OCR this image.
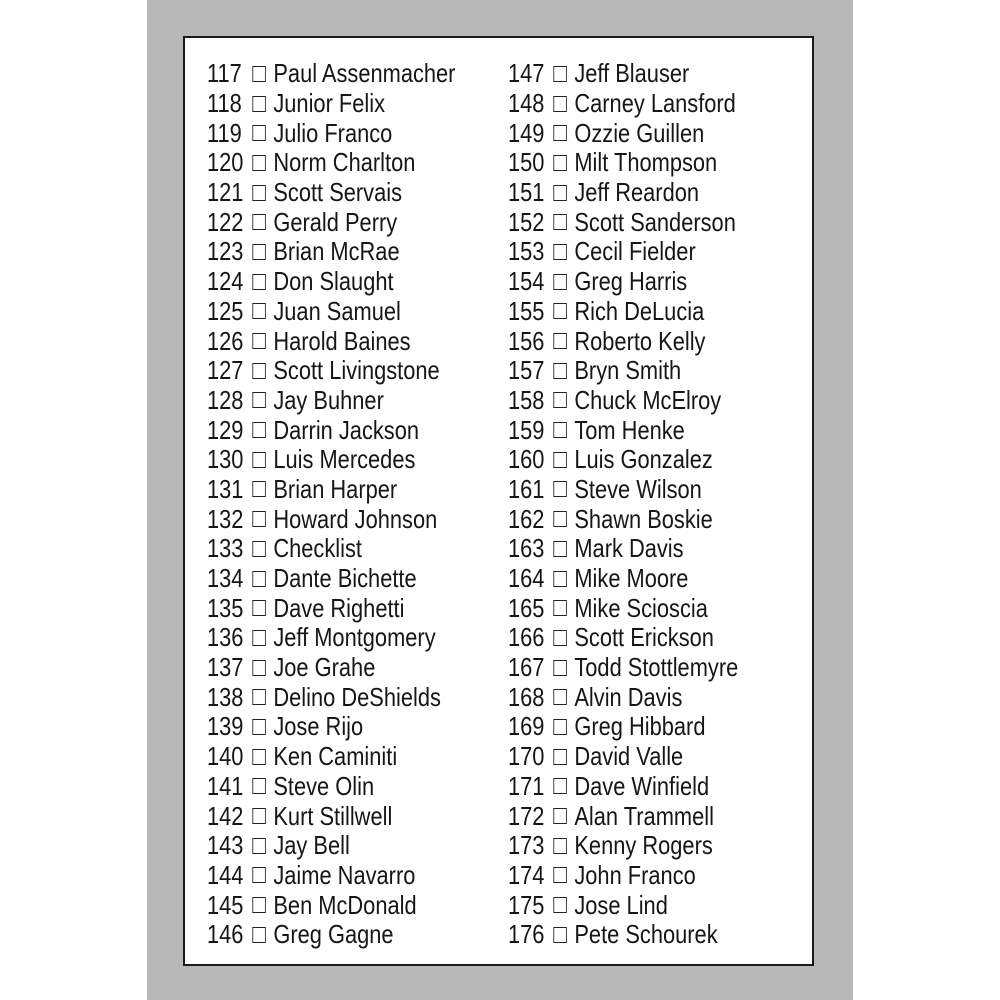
117 Paul Assenmacher
118 Junior Felix
119 Julio Franco
120 Norm Charlton
121 Scott Servais
122 Gerald Perry
123 Brian McRae
124 Don Slaught
125 Juan Samuel
126 Harold Baines
127 Scott Livingstone
128 Jay Buhner
129 Darrin Jackson
130 Luis Mercedes
131 Brian Harper
132 Howard Johnson
133 Checklist
134 Dante Bichette
135 Dave Righetti
136 Jeff Montgomery
137 Joe Grahe
138 Delino DeShields
139 Jose Rijo
140 Ken Caminiti
141 Steve Olin
142 Kurt Stillwell
143 Jay Bell
144 Jaime Navarro
145 Ben McDonald
146 Greg Gagne
147 Jeff Blauser
148 Carney Lansford
149 Ozzie Guillen
150 Milt Thompson
151 Jeff Reardon
152 Scott Sanderson
153 Cecil Fielder
154 Greg Harris
155 Rich DeLucia
156 Roberto Kelly
157 Bryn Smith
158 Chuck McElroy
159 Tom Henke
160 Luis Gonzalez
161 Steve Wilson
162 Shawn Boskie
163 Mark Davis
164 Mike Moore
165 Mike Scioscia
166 Scott Erickson
167 Todd Stottlemyre
168 Alvin Davis
169 Greg Hibbard
170 David Valle
171 Dave Winfield
172 Alan Trammell
173 Kenny Rogers
174 John Franco
175 Jose Lind
176 Pete Schourek
